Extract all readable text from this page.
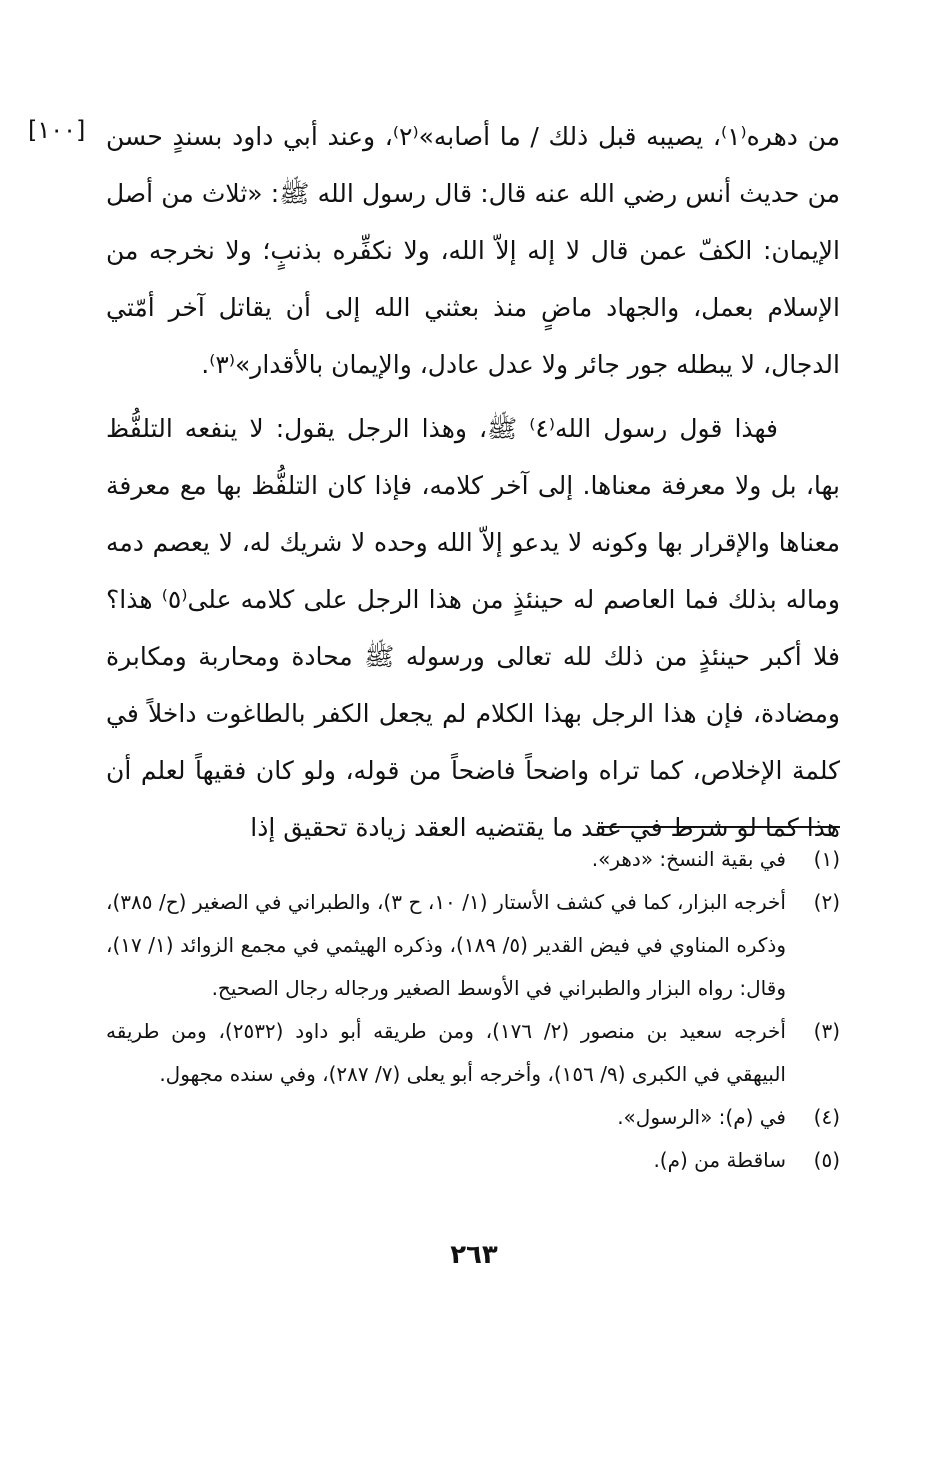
[١٠٠] من دهره⁽١⁾، يصيبه قبل ذلك / ما أصابه»⁽٢⁾، وعند أبي داود بسندٍ حسن من حديث أنس رضي الله عنه قال: قال رسول الله ﷺ: «ثلاث من أصل الإيمان: الكفّ عمن قال لا إله إلاّ الله، ولا نكفِّره بذنبٍ؛ ولا نخرجه من الإسلام بعمل، والجهاد ماضٍ منذ بعثني الله إلى أن يقاتل آخر أمّتي الدجال، لا يبطله جور جائر ولا عدل عادل، والإيمان بالأقدار»⁽٣⁾.

فهذا قول رسول الله⁽٤⁾ ﷺ، وهذا الرجل يقول: لا ينفعه التلفُّظ بها، بل ولا معرفة معناها. إلى آخر كلامه، فإذا كان التلفُّظ بها مع معرفة معناها والإقرار بها وكونه لا يدعو إلاّ الله وحده لا شريك له، لا يعصم دمه وماله بذلك فما العاصم له حينئذٍ من هذا الرجل على كلامه على⁽٥⁾ هذا؟ فلا أكبر حينئذٍ من ذلك لله تعالى ورسوله ﷺ محادة ومحاربة ومكابرة ومضادة، فإن هذا الرجل بهذا الكلام لم يجعل الكفر بالطاغوت داخلاً في كلمة الإخلاص، كما تراه واضحاً فاضحاً من قوله، ولو كان فقيهاً لعلم أن هذا كما لو شرط في عقد ما يقتضيه العقد زيادة تحقيق إذا

(١)
في بقية النسخ: «دهر».
(٢)
أخرجه البزار، كما في كشف الأستار (١/ ١٠، ح ٣)، والطبراني في الصغير (ح/ ٣٨٥)، وذكره المناوي في فيض القدير (٥/ ١٨٩)، وذكره الهيثمي في مجمع الزوائد (١/ ١٧)، وقال: رواه البزار والطبراني في الأوسط الصغير ورجاله رجال الصحيح.
(٣)
أخرجه سعيد بن منصور (٢/ ١٧٦)، ومن طريقه أبو داود (٢٥٣٢)، ومن طريقه البيهقي في الكبرى (٩/ ١٥٦)، وأخرجه أبو يعلى (٧/ ٢٨٧)، وفي سنده مجهول.
(٤)
في (م): «الرسول».
(٥)
ساقطة من (م).
٢٦٣
